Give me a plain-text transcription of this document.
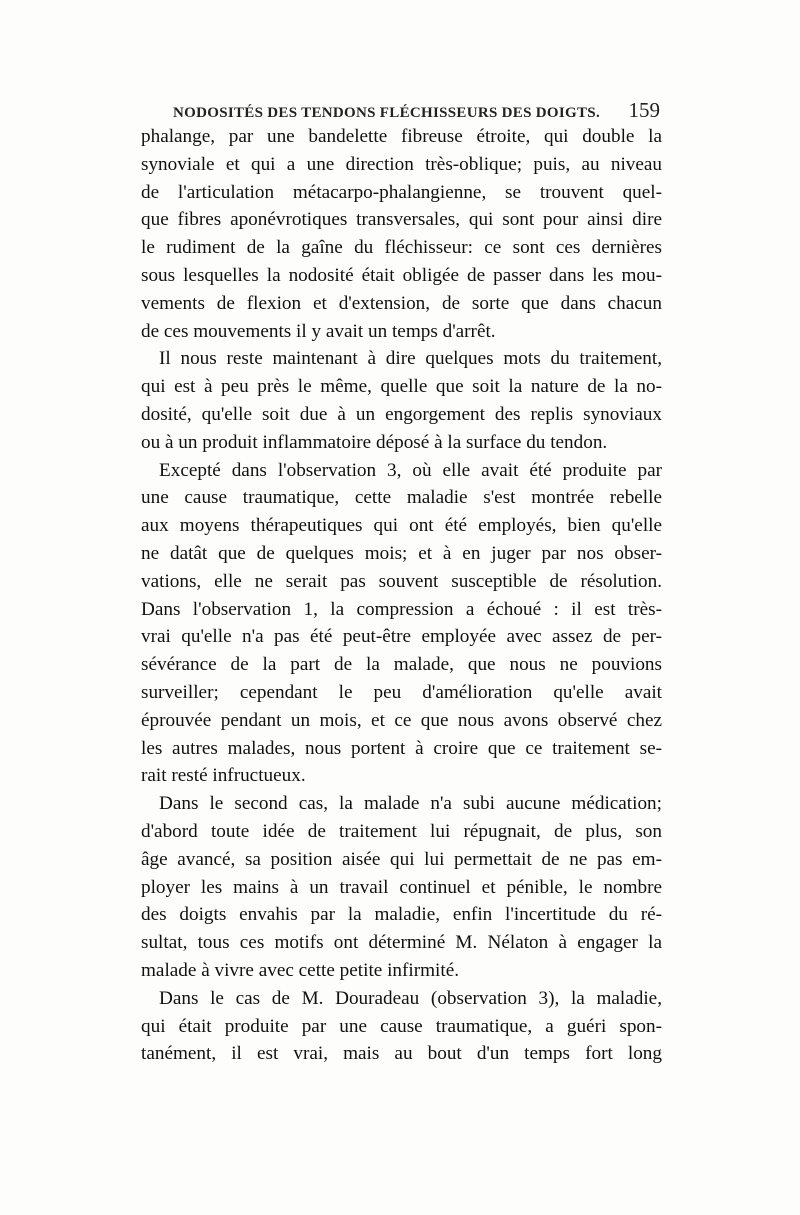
NODOSITÉS DES TENDONS FLÉCHISSEURS DES DOIGTS. 159
phalange, par une bandelette fibreuse étroite, qui double la
synoviale et qui a une direction très-oblique; puis, au niveau
de l'articulation métacarpo-phalangienne, se trouvent quel-
que fibres aponévrotiques transversales, qui sont pour ainsi dire
le rudiment de la gaîne du fléchisseur: ce sont ces dernières
sous lesquelles la nodosité était obligée de passer dans les mou-
vements de flexion et d'extension, de sorte que dans chacun
de ces mouvements il y avait un temps d'arrêt.
Il nous reste maintenant à dire quelques mots du traitement,
qui est à peu près le même, quelle que soit la nature de la no-
dosité, qu'elle soit due à un engorgement des replis synoviaux
ou à un produit inflammatoire déposé à la surface du tendon.
Excepté dans l'observation 3, où elle avait été produite par
une cause traumatique, cette maladie s'est montrée rebelle
aux moyens thérapeutiques qui ont été employés, bien qu'elle
ne datât que de quelques mois; et à en juger par nos obser-
vations, elle ne serait pas souvent susceptible de résolution.
Dans l'observation 1, la compression a échoué : il est très-
vrai qu'elle n'a pas été peut-être employée avec assez de per-
sévérance de la part de la malade, que nous ne pouvions
surveiller; cependant le peu d'amélioration qu'elle avait
éprouvée pendant un mois, et ce que nous avons observé chez
les autres malades, nous portent à croire que ce traitement se-
rait resté infructueux.
Dans le second cas, la malade n'a subi aucune médication;
d'abord toute idée de traitement lui répugnait, de plus, son
âge avancé, sa position aisée qui lui permettait de ne pas em-
ployer les mains à un travail continuel et pénible, le nombre
des doigts envahis par la maladie, enfin l'incertitude du ré-
sultat, tous ces motifs ont déterminé M. Nélaton à engager la
malade à vivre avec cette petite infirmité.
Dans le cas de M. Douradeau (observation 3), la maladie,
qui était produite par une cause traumatique, a guéri spon-
tanément, il est vrai, mais au bout d'un temps fort long
